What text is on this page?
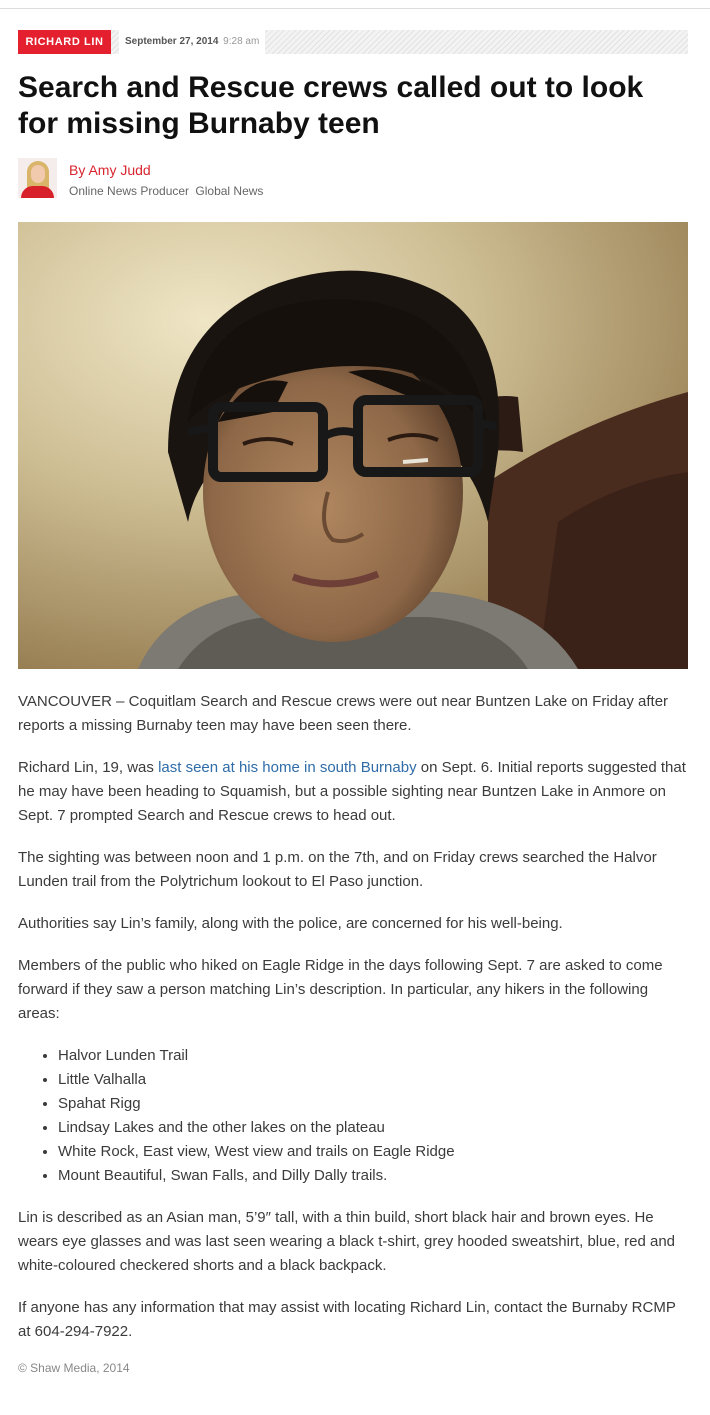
RICHARD LIN	September 27, 2014 9:28 am
Search and Rescue crews called out to look for missing Burnaby teen
By Amy Judd
Online News Producer Global News

VANCOUVER – Coquitlam Search and Rescue crews were out near Buntzen Lake on Friday after reports a missing Burnaby teen may have been seen there.

Richard Lin, 19, was last seen at his home in south Burnaby on Sept. 6. Initial reports suggested that he may have been heading to Squamish, but a possible sighting near Buntzen Lake in Anmore on Sept. 7 prompted Search and Rescue crews to head out.

The sighting was between noon and 1 p.m. on the 7th, and on Friday crews searched the Halvor Lunden trail from the Polytrichum lookout to El Paso junction.

Authorities say Lin’s family, along with the police, are concerned for his well-being.

Members of the public who hiked on Eagle Ridge in the days following Sept. 7 are asked to come forward if they saw a person matching Lin’s description. In particular, any hikers in the following areas:

• Halvor Lunden Trail
• Little Valhalla
• Spahat Rigg
• Lindsay Lakes and the other lakes on the plateau
• White Rock, East view, West view and trails on Eagle Ridge
• Mount Beautiful, Swan Falls, and Dilly Dally trails.

Lin is described as an Asian man, 5’9″ tall, with a thin build, short black hair and brown eyes. He wears eye glasses and was last seen wearing a black t-shirt, grey hooded sweatshirt, blue, red and white-coloured checkered shorts and a black backpack.

If anyone has any information that may assist with locating Richard Lin, contact the Burnaby RCMP at 604-294-7922.

© Shaw Media, 2014
